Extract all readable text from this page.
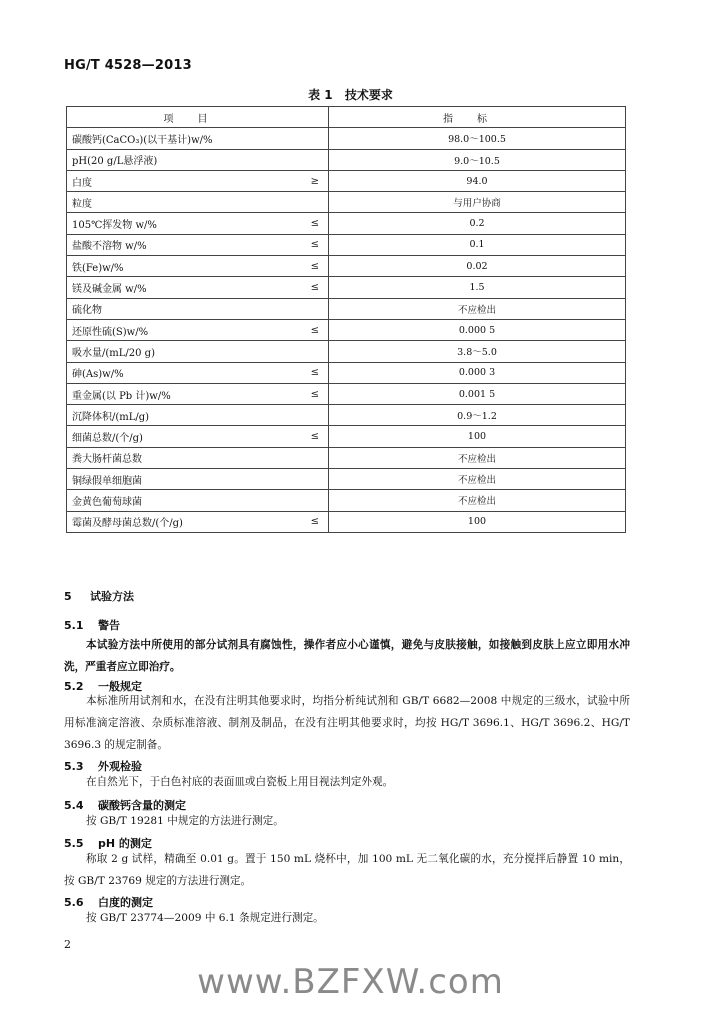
HG/T 4528—2013
表 1 技术要求
项目	指标

碳酸钙(CaCO₃)(以干基计)w/%	98.0～100.5

pH(20 g/L悬浮液)	9.0～10.5

白度 ≥	94.0

粒度	与用户协商

105℃挥发物 w/% ≤	0.2

盐酸不溶物 w/% ≤	0.1

铁(Fe)w/% ≤	0.02

镁及碱金属 w/% ≤	1.5

硫化物	不应检出

还原性硫(S)w/% ≤	0.000 5

吸水量/(mL/20 g)	3.8～5.0

砷(As)w/% ≤	0.000 3

重金属(以 Pb 计)w/% ≤	0.001 5

沉降体积/(mL/g)	0.9～1.2

细菌总数/(个/g) ≤	100

粪大肠杆菌总数	不应检出

铜绿假单细胞菌	不应检出

金黄色葡萄球菌	不应检出

霉菌及酵母菌总数/(个/g) ≤	100
5 试验方法
5.1 警告
本试验方法中所使用的部分试剂具有腐蚀性，操作者应小心谨慎，避免与皮肤接触，如接触到皮肤上应立即用水冲洗，严重者应立即治疗。
5.2 一般规定
本标准所用试剂和水，在没有注明其他要求时，均指分析纯试剂和 GB/T 6682—2008 中规定的三级水，试验中所用标准滴定溶液、杂质标准溶液、制剂及制品，在没有注明其他要求时，均按 HG/T 3696.1、HG/T 3696.2、HG/T 3696.3 的规定制备。
5.3 外观检验
在自然光下，于白色衬底的表面皿或白瓷板上用目视法判定外观。
5.4 碳酸钙含量的测定
按 GB/T 19281 中规定的方法进行测定。
5.5 pH 的测定
称取 2 g 试样，精确至 0.01 g。置于 150 mL 烧杯中，加 100 mL 无二氧化碳的水，充分搅拌后静置 10 min，按 GB/T 23769 规定的方法进行测定。
5.6 白度的测定
按 GB/T 23774—2009 中 6.1 条规定进行测定。
2
www.BZFXW.com
